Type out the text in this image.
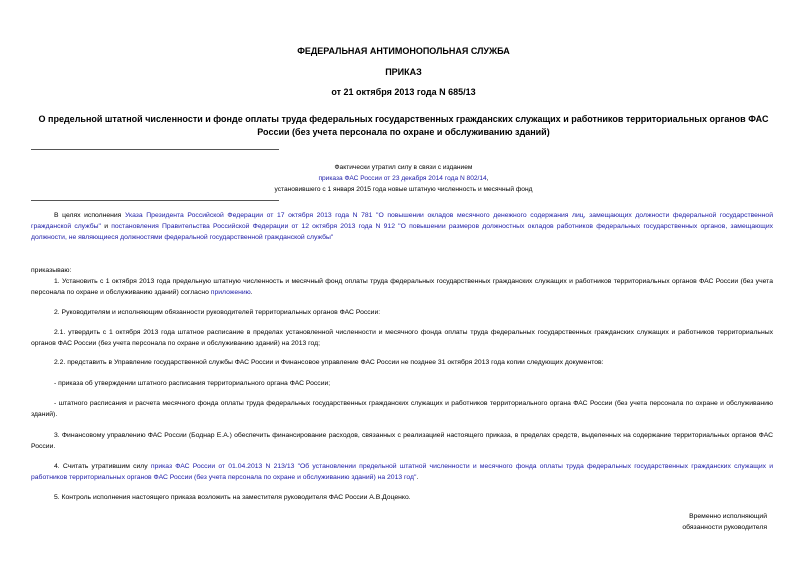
ФЕДЕРАЛЬНАЯ АНТИМОНОПОЛЬНАЯ СЛУЖБА
ПРИКАЗ
от 21 октября 2013 года N 685/13
О предельной штатной численности и фонде оплаты труда федеральных государственных гражданских служащих и работников территориальных органов ФАС России (без учета персонала по охране и обслуживанию зданий)
Фактически утратил силу в связи с изданием
приказа ФАС России от 23 декабря 2014 года N 802/14,
установившего с 1 января 2015 года новые штатную численность и месячный фонд
В целях исполнения Указа Президента Российской Федерации от 17 октября 2013 года N 781 "О повышении окладов месячного денежного содержания лиц, замещающих должности федеральной государственной гражданской службы" и постановления Правительства Российской Федерации от 12 октября 2013 года N 912 "О повышении размеров должностных окладов работников федеральных государственных органов, замещающих должности, не являющиеся должностями федеральной государственной гражданской службы"
приказываю:
1. Установить с 1 октября 2013 года предельную штатную численность и месячный фонд оплаты труда федеральных государственных гражданских служащих и работников территориальных органов ФАС России (без учета персонала по охране и обслуживанию зданий) согласно приложению.
2. Руководителям и исполняющим обязанности руководителей территориальных органов ФАС России:
2.1. утвердить с 1 октября 2013 года штатное расписание в пределах установленной численности и месячного фонда оплаты труда федеральных государственных гражданских служащих и работников территориальных органов ФАС России (без учета персонала по охране и обслуживанию зданий) на 2013 год;
2.2. представить в Управление государственной службы ФАС России и Финансовое управление ФАС России не позднее 31 октября 2013 года копии следующих документов:
- приказа об утверждении штатного расписания территориального органа ФАС России;
- штатного расписания и расчета месячного фонда оплаты труда федеральных государственных гражданских служащих и работников территориального органа ФАС России (без учета персонала по охране и обслуживанию зданий).
3. Финансовому управлению ФАС России (Боднар Е.А.) обеспечить финансирование расходов, связанных с реализацией настоящего приказа, в пределах средств, выделенных на содержание территориальных органов ФАС России.
4. Считать утратившим силу приказ ФАС России от 01.04.2013 N 213/13 "Об установлении предельной штатной численности и месячного фонда оплаты труда федеральных государственных гражданских служащих и работников территориальных органов ФАС России (без учета персонала по охране и обслуживанию зданий) на 2013 год".
5. Контроль исполнения настоящего приказа возложить на заместителя руководителя ФАС России А.В.Доценко.
Временно исполняющий
обязанности руководителя
